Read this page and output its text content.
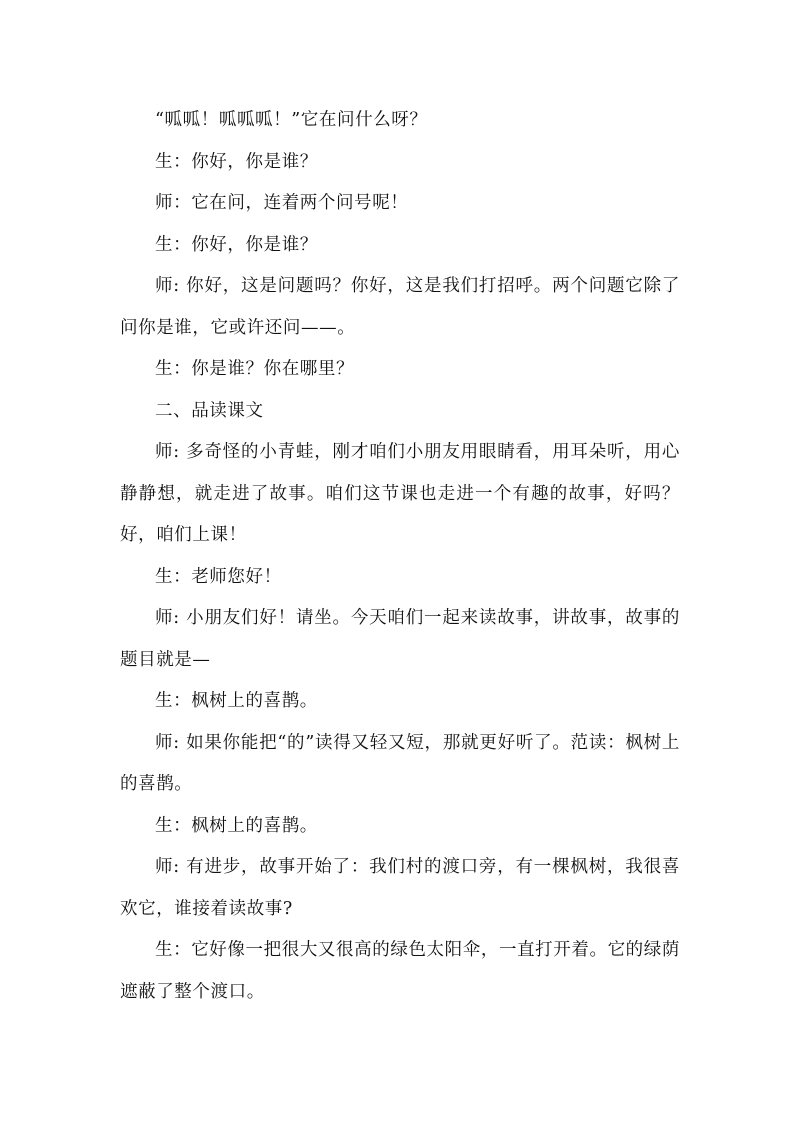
“呱呱！呱呱呱！”它在问什么呀？

生：你好，你是谁？

师：它在问，连着两个问号呢！

生：你好，你是谁？

师: 你好，这是问题吗？你好，这是我们打招呼。两个问题它除了问你是谁，它或许还问——。

生：你是谁？你在哪里？

二、品读课文

师: 多奇怪的小青蛙，刚才咱们小朋友用眼睛看，用耳朵听，用心静静想，就走进了故事。咱们这节课也走进一个有趣的故事，好吗？好，咱们上课！

生：老师您好！

师: 小朋友们好！请坐。今天咱们一起来读故事，讲故事，故事的题目就是—

生：枫树上的喜鹊。

师: 如果你能把“的”读得又轻又短，那就更好听了。范读：枫树上的喜鹊。

生：枫树上的喜鹊。

师: 有进步，故事开始了：我们村的渡口旁，有一棵枫树，我很喜欢它，谁接着读故事?

生：它好像一把很大又很高的绿色太阳伞，一直打开着。它的绿荫遮蔽了整个渡口。
